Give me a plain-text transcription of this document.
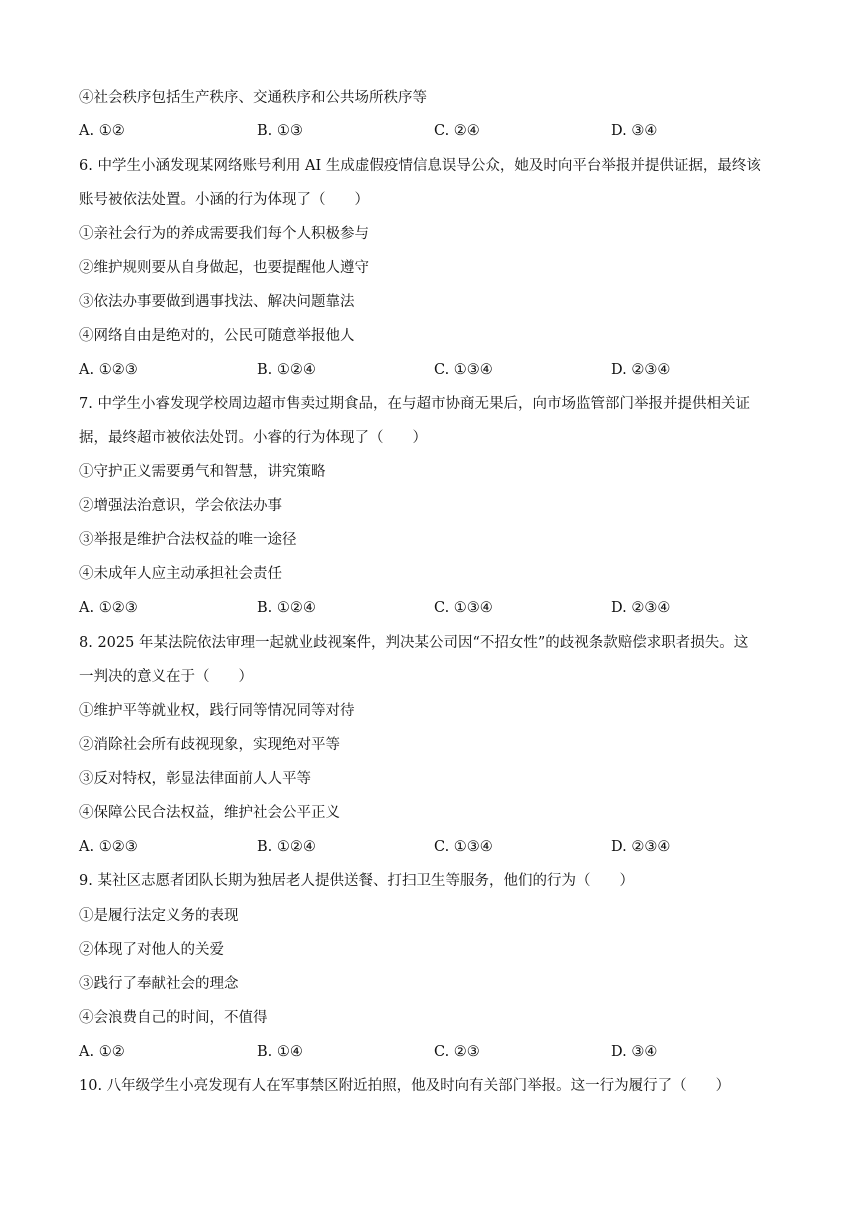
④社会秩序包括生产秩序、交通秩序和公共场所秩序等
A. ①②	B. ①③	C. ②④	D. ③④
6. 中学生小涵发现某网络账号利用 AI 生成虚假疫情信息误导公众，她及时向平台举报并提供证据，最终该
账号被依法处置。小涵的行为体现了（　　）
①亲社会行为的养成需要我们每个人积极参与
②维护规则要从自身做起，也要提醒他人遵守
③依法办事要做到遇事找法、解决问题靠法
④网络自由是绝对的，公民可随意举报他人
A. ①②③	B. ①②④	C. ①③④	D. ②③④
7. 中学生小睿发现学校周边超市售卖过期食品，在与超市协商无果后，向市场监管部门举报并提供相关证
据，最终超市被依法处罚。小睿的行为体现了（　　）
①守护正义需要勇气和智慧，讲究策略
②增强法治意识，学会依法办事
③举报是维护合法权益的唯一途径
④未成年人应主动承担社会责任
A. ①②③	B. ①②④	C. ①③④	D. ②③④
8. 2025 年某法院依法审理一起就业歧视案件，判决某公司因“不招女性”的歧视条款赔偿求职者损失。这
一判决的意义在于（　　）
①维护平等就业权，践行同等情况同等对待
②消除社会所有歧视现象，实现绝对平等
③反对特权，彰显法律面前人人平等
④保障公民合法权益，维护社会公平正义
A. ①②③	B. ①②④	C. ①③④	D. ②③④
9. 某社区志愿者团队长期为独居老人提供送餐、打扫卫生等服务，他们的行为（　　）
①是履行法定义务的表现
②体现了对他人的关爱
③践行了奉献社会的理念
④会浪费自己的时间，不值得
A. ①②	B. ①④	C. ②③	D. ③④
10. 八年级学生小亮发现有人在军事禁区附近拍照，他及时向有关部门举报。这一行为履行了（　　）
